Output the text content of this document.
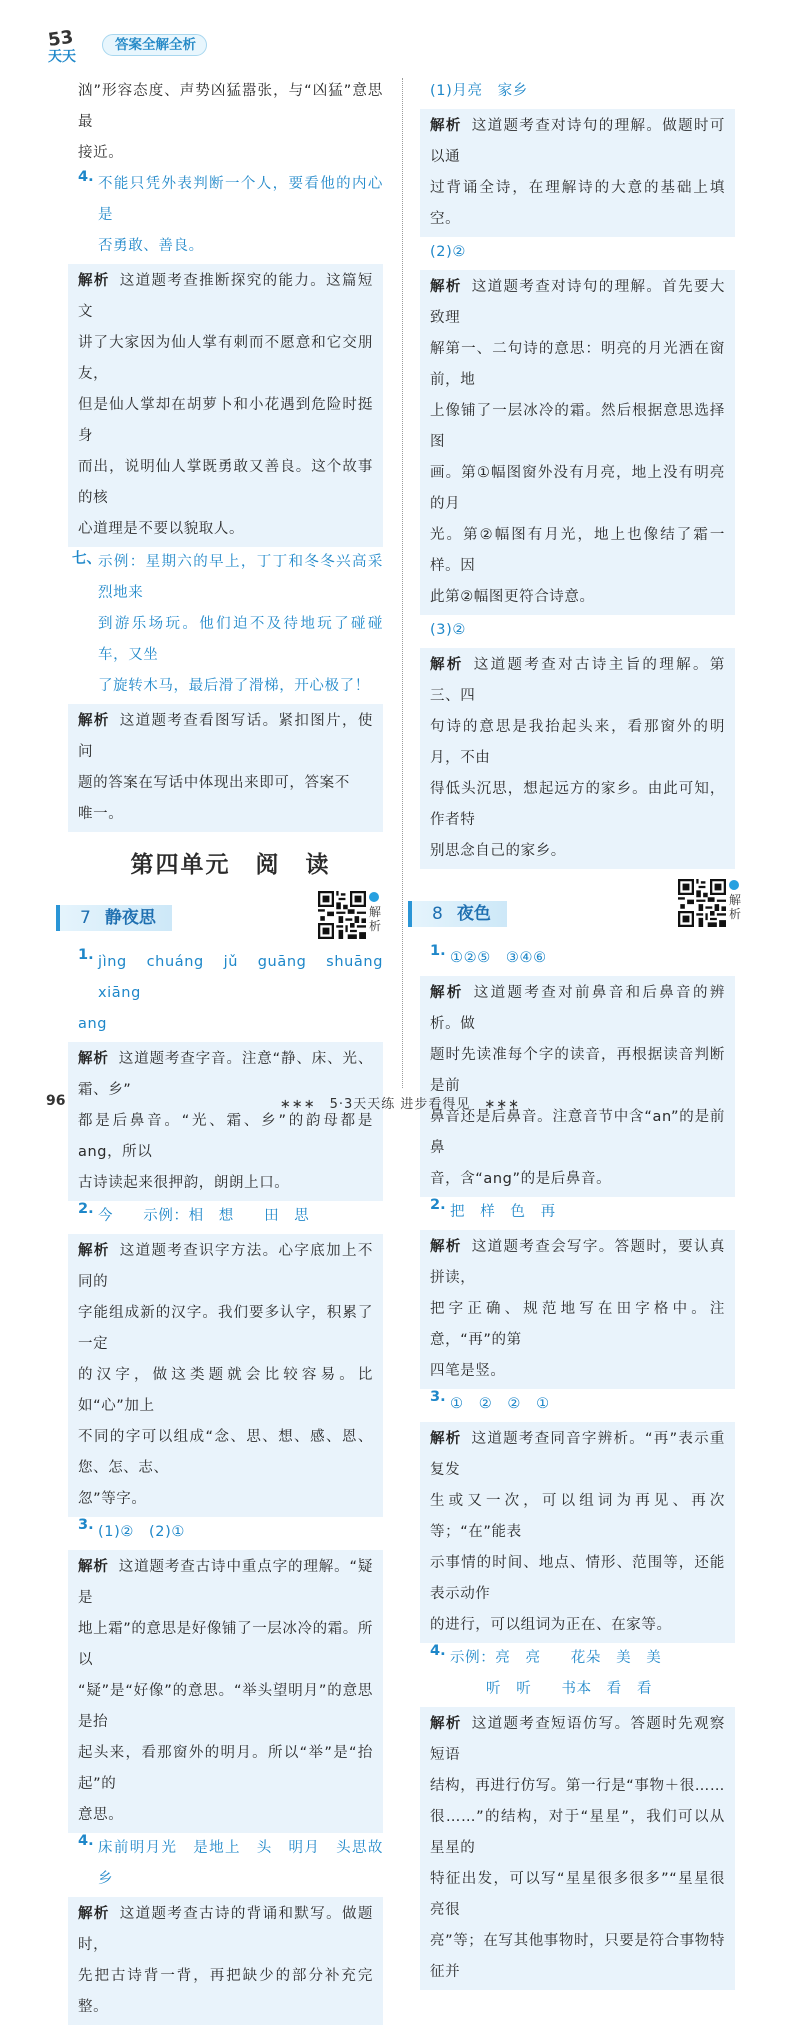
53
天天
答案全解全析

汹”形容态度、声势凶猛嚣张，与“凶猛”意思最

接近。

4. 不能只凭外表判断一个人，要看他的内心是

否勇敢、善良。

解析 这道题考查推断探究的能力。这篇短文

讲了大家因为仙人掌有刺而不愿意和它交朋友，

但是仙人掌却在胡萝卜和小花遇到危险时挺身

而出，说明仙人掌既勇敢又善良。这个故事的核

心道理是不要以貌取人。

七、

示例：星期六的早上，丁丁和冬冬兴高采烈地来

到游乐场玩。他们迫不及待地玩了碰碰车，又坐

了旋转木马，最后滑了滑梯，开心极了！

解析 这道题考查看图写话。紧扣图片，使问

题的答案在写话中体现出来即可，答案不

唯一。

第四单元　阅　读
7 静夜思	解析
1. jìng　chuáng　jǔ　guāng　shuāng　xiāng

ang

解析 这道题考查字音。注意“静、床、光、霜、乡”

都是后鼻音。“光、霜、乡”的韵母都是 ang，所以

古诗读起来很押韵，朗朗上口。

2. 今　　示例：相　想　　田　思

解析 这道题考查识字方法。心字底加上不同的

字能组成新的汉字。我们要多认字，积累了一定

的汉字，做这类题就会比较容易。比如“心”加上

不同的字可以组成“念、思、想、感、恩、您、怎、志、

忽”等字。

3. (1)②　(2)①

解析 这道题考查古诗中重点字的理解。“疑是

地上霜”的意思是好像铺了一层冰冷的霜。所以

“疑”是“好像”的意思。“举头望明月”的意思是抬

起头来，看那窗外的明月。所以“举”是“抬起”的

意思。

4. 床前明月光　是地上　头　明月　头思故乡

解析 这道题考查古诗的背诵和默写。做题时，

先把古诗背一背，再把缺少的部分补充完整。

(1)月亮　家乡

解析 这道题考查对诗句的理解。做题时可以通

过背诵全诗，在理解诗的大意的基础上填空。

(2)②

解析 这道题考查对诗句的理解。首先要大致理

解第一、二句诗的意思：明亮的月光洒在窗前，地

上像铺了一层冰冷的霜。然后根据意思选择图

画。第①幅图窗外没有月亮，地上没有明亮的月

光。第②幅图有月光，地上也像结了霜一样。因

此第②幅图更符合诗意。

(3)②

解析 这道题考查对古诗主旨的理解。第三、四

句诗的意思是我抬起头来，看那窗外的明月，不由

得低头沉思，想起远方的家乡。由此可知，作者特

别思念自己的家乡。

8 夜色
解析
1. ①②⑤　③④⑥

解析 这道题考查对前鼻音和后鼻音的辨析。做

题时先读准每个字的读音，再根据读音判断是前

鼻音还是后鼻音。注意音节中含“an”的是前鼻

音，含“ang”的是后鼻音。

2. 把　样　色　再

解析 这道题考查会写字。答题时，要认真拼读，

把字正确、规范地写在田字格中。注意，“再”的第

四笔是竖。

3. ①　②　②　①

解析 这道题考查同音字辨析。“再”表示重复发

生或又一次，可以组词为再见、再次等；“在”能表

示事情的时间、地点、情形、范围等，还能表示动作

的进行，可以组词为正在、在家等。

4. 示例：亮　亮　　花朵　美　美

听　听　　书本　看　看

解析 这道题考查短语仿写。答题时先观察短语

结构，再进行仿写。第一行是“事物＋很……

很……”的结构，对于“星星”，我们可以从星星的

特征出发，可以写“星星很多很多”“星星很亮很

亮”等；在写其他事物时，只要是符合事物特征并

96	∗∗∗　5·3天天练 进步看得见　∗∗∗
